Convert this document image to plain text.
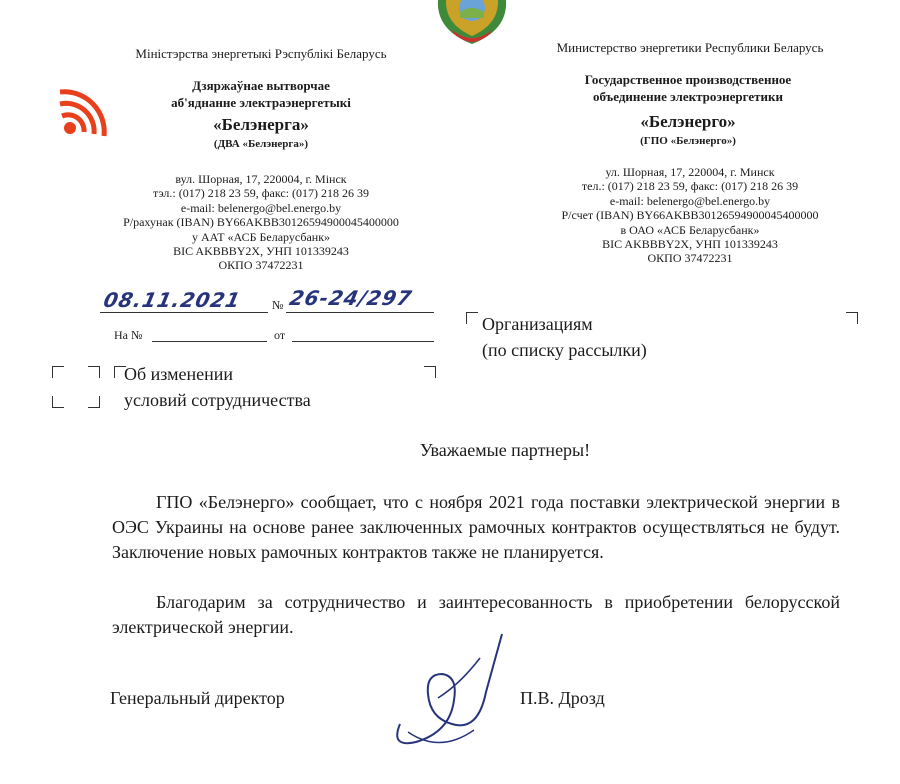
Міністэрства энергетыкі Рэспублікі Беларусь
Дзяржаўнае вытворчае
аб'яднанне электраэнергетыкі
«Белэнерга»
(ДВА «Белэнерга»)
вул. Шорная, 17, 220004, г. Мінск
тэл.: (017) 218 23 59, факс: (017) 218 26 39
e-mail: belenergo@bel.energo.by
Р/рахунак (IBAN) BY66AKBB30126594900045400000
у ААТ «АСБ Беларусбанк»
BIC AKBBBY2X, УНП 101339243
ОКПО 37472231
Министерство энергетики Республики Беларусь
Государственное производственное
объединение электроэнергетики
«Белэнерго»
(ГПО «Белэнерго»)
ул. Шорная, 17, 220004, г. Минск
тел.: (017) 218 23 59, факс: (017) 218 26 39
e-mail: belenergo@bel.energo.by
Р/счет (IBAN) BY66AKBB30126594900045400000
в ОАО «АСБ Беларусбанк»
BIC AKBBBY2X, УНП 101339243
ОКПО 37472231
08.11.2021 № 26-24/297
На №	от
Организациям
(по списку рассылки)
Об изменении
условий сотрудничества
Уважаемые партнеры!
ГПО «Белэнерго» сообщает, что с ноября 2021 года поставки электрической энергии в ОЭС Украины на основе ранее заключенных рамочных контрактов осуществляться не будут. Заключение новых рамочных контрактов также не планируется.
Благодарим за сотрудничество и заинтересованность в приобретении белорусской электрической энергии.
Генеральный директор	П.В. Дрозд
